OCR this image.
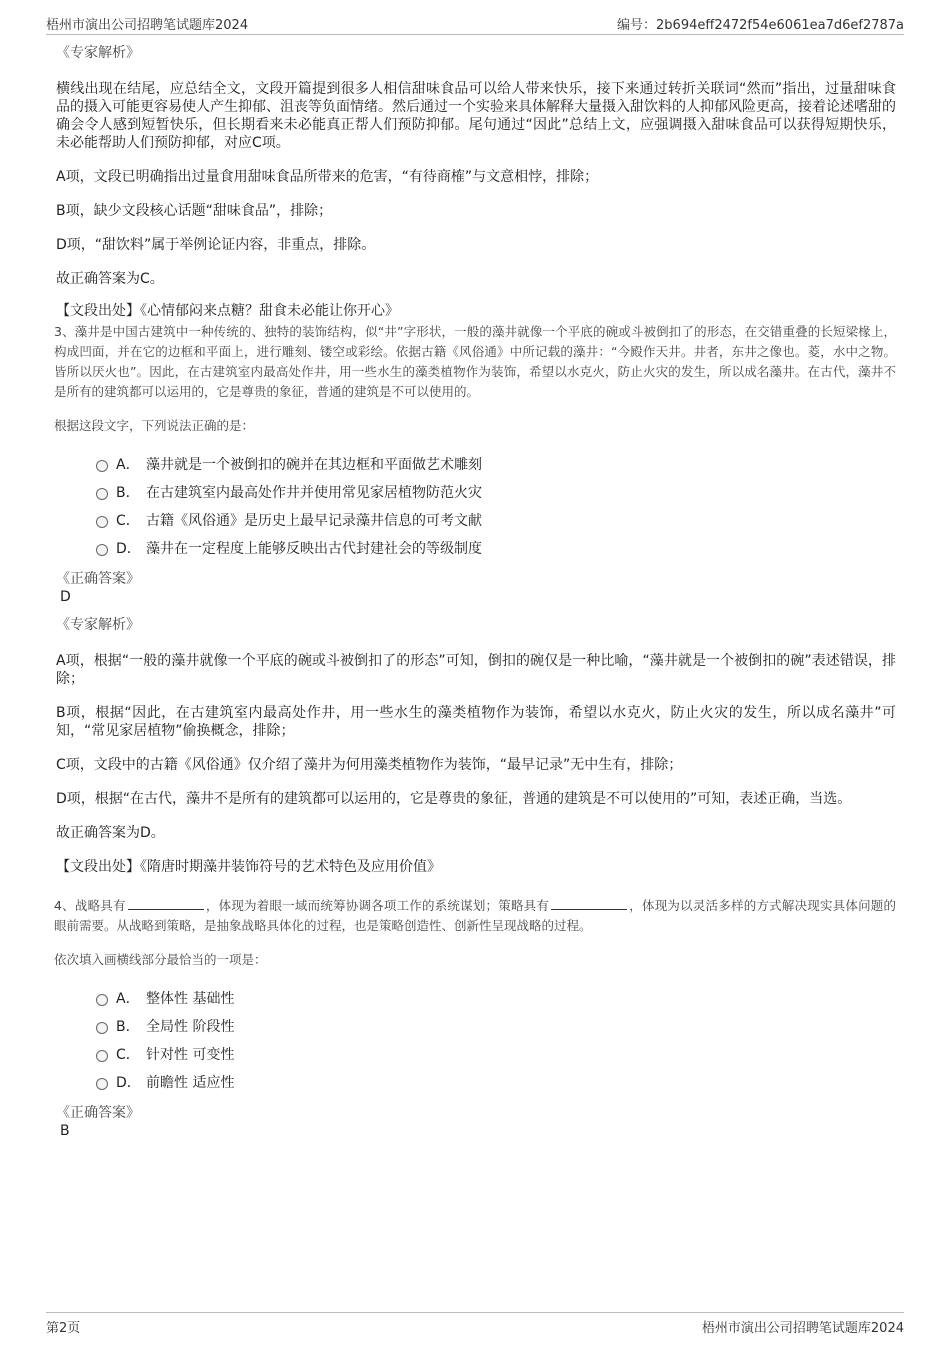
梧州市演出公司招聘笔试题库2024	编号：2b694eff2472f54e6061ea7d6ef2787a

《专家解析》

横线出现在结尾，应总结全文，文段开篇提到很多人相信甜味食品可以给人带来快乐，接下来通过转折关联词“然而”指出，过量甜味食品的摄入可能更容易使人产生抑郁、沮丧等负面情绪。然后通过一个实验来具体解释大量摄入甜饮料的人抑郁风险更高，接着论述嗜甜的确会令人感到短暂快乐，但长期看来未必能真正帮人们预防抑郁。尾句通过“因此”总结上文，应强调摄入甜味食品可以获得短期快乐，未必能帮助人们预防抑郁，对应C项。

A项，文段已明确指出过量食用甜味食品所带来的危害，“有待商榷”与文意相悖，排除；

B项，缺少文段核心话题“甜味食品”，排除；

D项，“甜饮料”属于举例论证内容，非重点，排除。

故正确答案为C。

【文段出处】《心情郁闷来点糖？甜食未必能让你开心》

3、藻井是中国古建筑中一种传统的、独特的装饰结构，似“井”字形状，一般的藻井就像一个平底的碗或斗被倒扣了的形态，在交错重叠的长短梁椽上，构成凹面，并在它的边框和平面上，进行雕刻、镂空或彩绘。依据古籍《风俗通》中所记载的藻井：“今殿作天井。井者，东井之像也。菱，水中之物。皆所以厌火也”。因此，在古建筑室内最高处作井，用一些水生的藻类植物作为装饰，希望以水克火，防止火灾的发生，所以成名藻井。在古代，藻井不是所有的建筑都可以运用的，它是尊贵的象征，普通的建筑是不可以使用的。

根据这段文字，下列说法正确的是：

A． 藻井就是一个被倒扣的碗并在其边框和平面做艺术雕刻
B． 在古建筑室内最高处作井并使用常见家居植物防范火灾
C． 古籍《风俗通》是历史上最早记录藻井信息的可考文献
D． 藻井在一定程度上能够反映出古代封建社会的等级制度

《正确答案》

D

《专家解析》

A项，根据“一般的藻井就像一个平底的碗或斗被倒扣了的形态”可知，倒扣的碗仅是一种比喻，“藻井就是一个被倒扣的碗”表述错误，排除；

B项，根据“因此，在古建筑室内最高处作井，用一些水生的藻类植物作为装饰，希望以水克火，防止火灾的发生，所以成名藻井”可知，“常见家居植物”偷换概念，排除；

C项，文段中的古籍《风俗通》仅介绍了藻井为何用藻类植物作为装饰，“最早记录”无中生有，排除；

D项，根据“在古代，藻井不是所有的建筑都可以运用的，它是尊贵的象征，普通的建筑是不可以使用的”可知，表述正确，当选。

故正确答案为D。

【文段出处】《隋唐时期藻井装饰符号的艺术特色及应用价值》

4、战略具有	，体现为着眼一域而统筹协调各项工作的系统谋划；策略具有	，体现为以灵活多样的方式解决现实具体问题的眼前需要。从战略到策略，是抽象战略具体化的过程，也是策略创造性、创新性呈现战略的过程。

依次填入画横线部分最恰当的一项是：

A． 整体性 基础性
B． 全局性 阶段性
C． 针对性 可变性
D． 前瞻性 适应性

《正确答案》

B

第2页	梧州市演出公司招聘笔试题库2024
